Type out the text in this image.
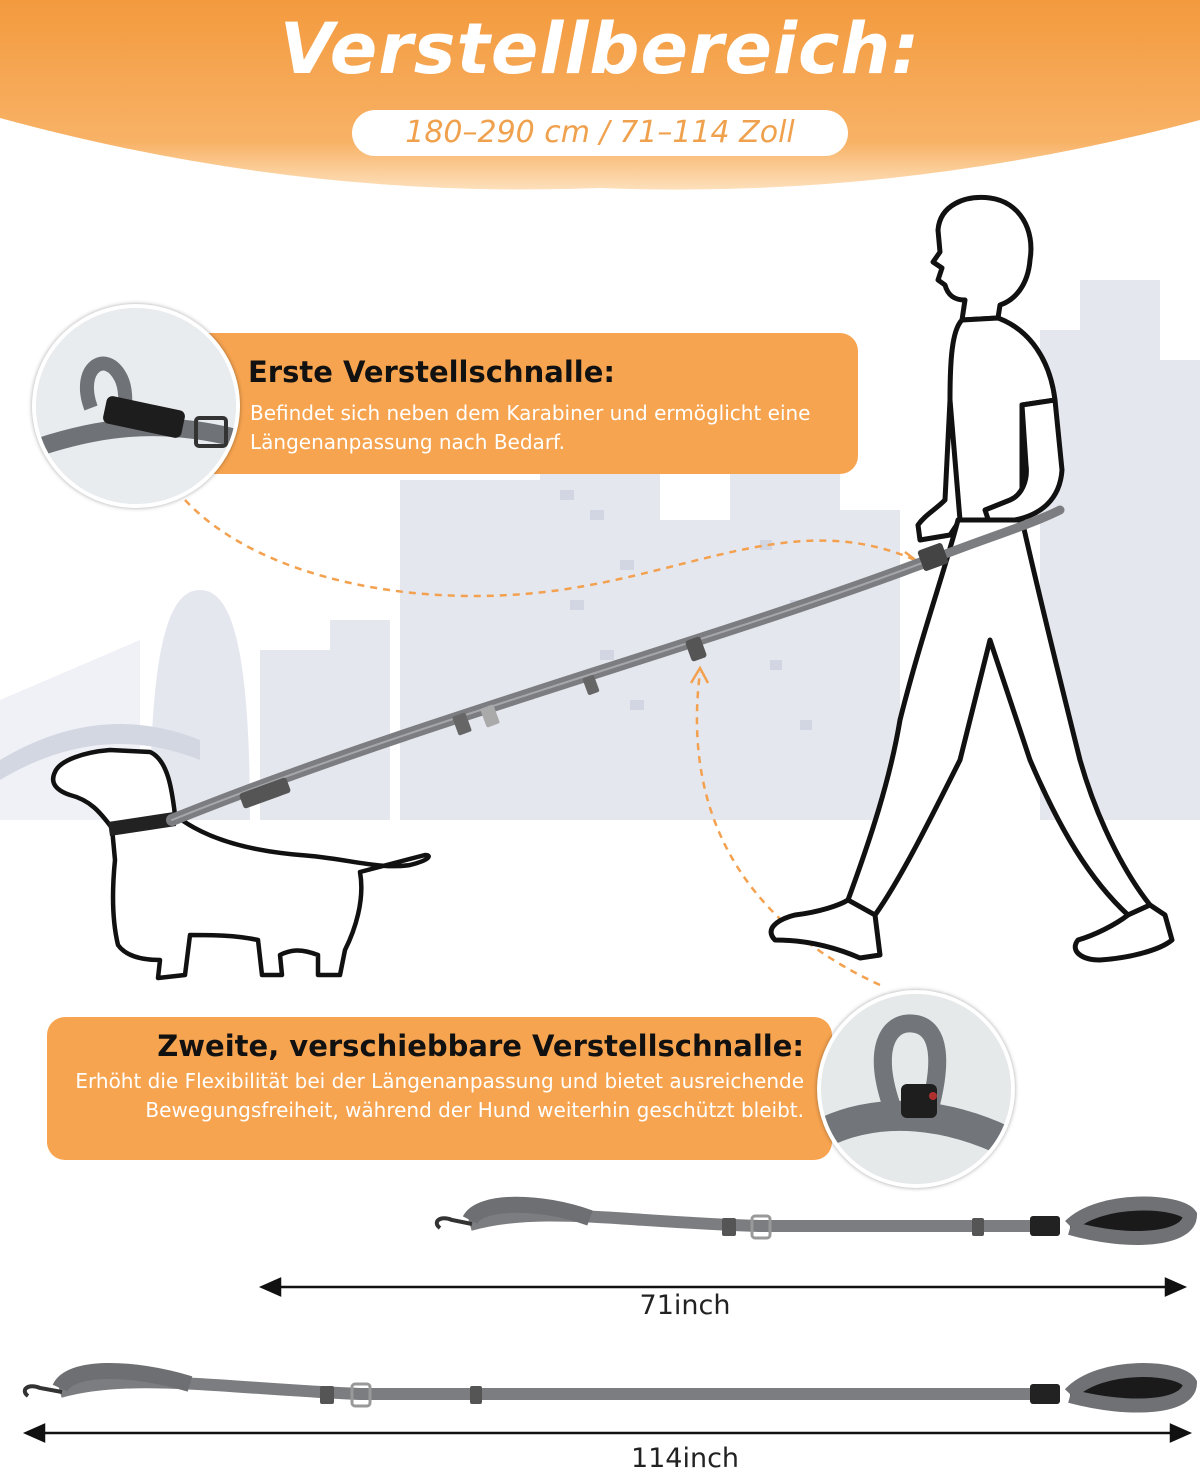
Verstellbereich:
180–290 cm / 71–114 Zoll
Erste Verstellschnalle:
Befindet sich neben dem Karabiner und ermöglicht eine Längenanpassung nach Bedarf.
Zweite, verschiebbare Verstellschnalle:
Erhöht die Flexibilität bei der Längenanpassung und bietet ausreichende Bewegungsfreiheit, während der Hund weiterhin geschützt bleibt.
71inch
114inch
